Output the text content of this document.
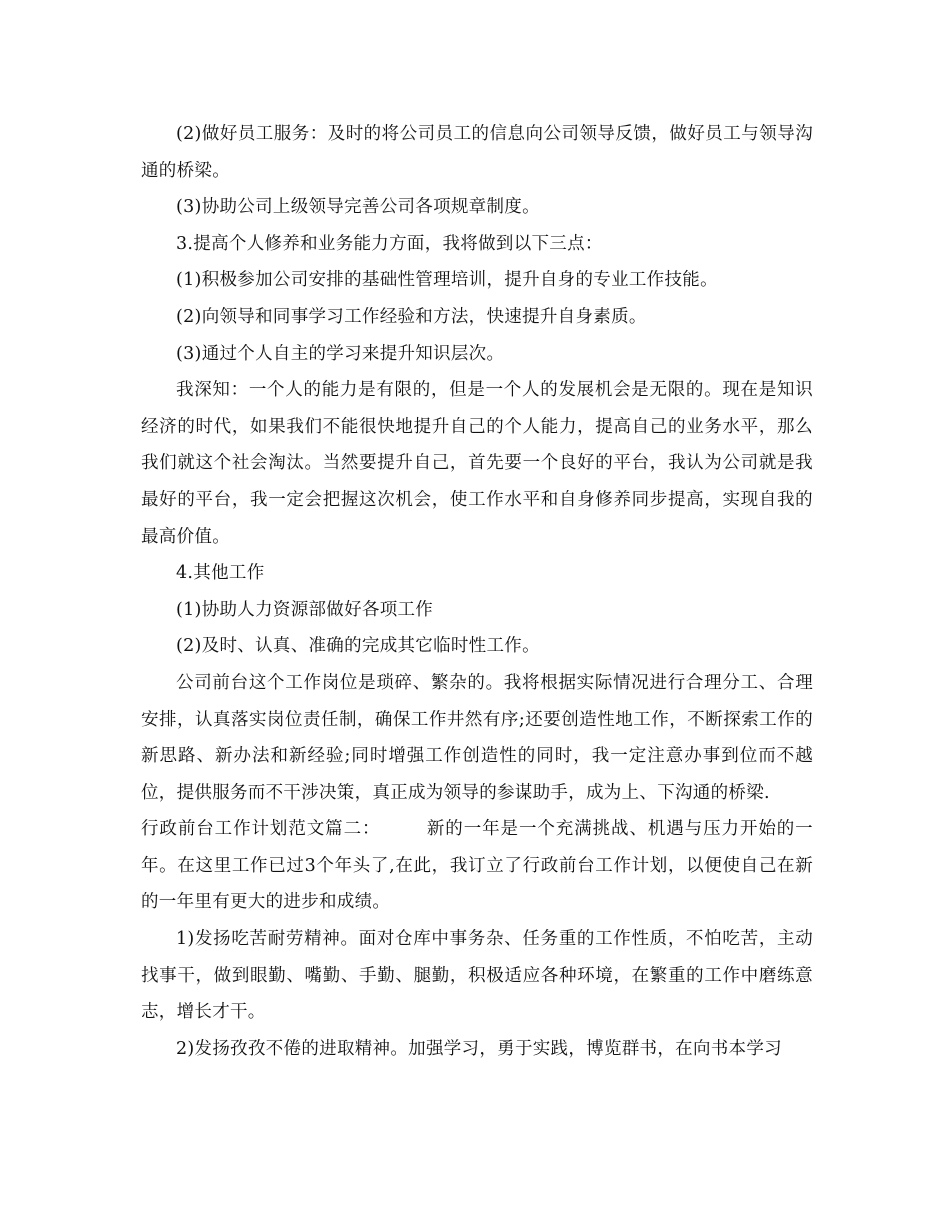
(2)做好员工服务：及时的将公司员工的信息向公司领导反馈，做好员工与领导沟通的桥梁。

(3)协助公司上级领导完善公司各项规章制度。

3.提高个人修养和业务能力方面，我将做到以下三点：

(1)积极参加公司安排的基础性管理培训，提升自身的专业工作技能。

(2)向领导和同事学习工作经验和方法，快速提升自身素质。

(3)通过个人自主的学习来提升知识层次。

我深知：一个人的能力是有限的，但是一个人的发展机会是无限的。现在是知识经济的时代，如果我们不能很快地提升自己的个人能力，提高自己的业务水平，那么我们就这个社会淘汰。当然要提升自己，首先要一个良好的平台，我认为公司就是我最好的平台，我一定会把握这次机会，使工作水平和自身修养同步提高，实现自我的最高价值。

4.其他工作

(1)协助人力资源部做好各项工作

(2)及时、认真、准确的完成其它临时性工作。

公司前台这个工作岗位是琐碎、繁杂的。我将根据实际情况进行合理分工、合理安排，认真落实岗位责任制，确保工作井然有序;还要创造性地工作，不断探索工作的新思路、新办法和新经验;同时增强工作创造性的同时，我一定注意办事到位而不越位，提供服务而不干涉决策，真正成为领导的参谋助手，成为上、下沟通的桥梁.

行政前台工作计划范文篇二：　　　新的一年是一个充满挑战、机遇与压力开始的一年。在这里工作已过3个年头了,在此，我订立了行政前台工作计划，以便使自己在新的一年里有更大的进步和成绩。

1)发扬吃苦耐劳精神。面对仓库中事务杂、任务重的工作性质，不怕吃苦，主动找事干，做到眼勤、嘴勤、手勤、腿勤，积极适应各种环境，在繁重的工作中磨练意志，增长才干。

2)发扬孜孜不倦的进取精神。加强学习，勇于实践，博览群书，在向书本学习
